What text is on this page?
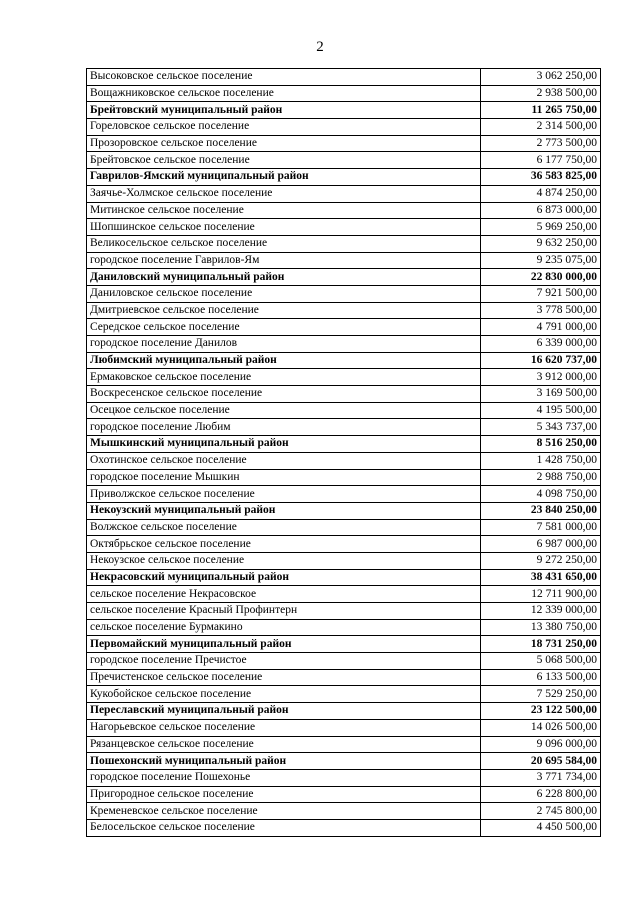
2
Высоковское сельское поселение	3 062 250,00
Вощажниковское сельское поселение	2 938 500,00
Брейтовский муниципальный район	11 265 750,00
Гореловское сельское поселение	2 314 500,00
Прозоровское сельское поселение	2 773 500,00
Брейтовское сельское поселение	6 177 750,00
Гаврилов-Ямский муниципальный район	36 583 825,00
Заячье-Холмское сельское поселение	4 874 250,00
Митинское сельское поселение	6 873 000,00
Шопшинское сельское поселение	5 969 250,00
Великосельское сельское поселение	9 632 250,00
городское поселение Гаврилов-Ям	9 235 075,00
Даниловский муниципальный район	22 830 000,00
Даниловское сельское поселение	7 921 500,00
Дмитриевское сельское поселение	3 778 500,00
Середское сельское поселение	4 791 000,00
городское поселение Данилов	6 339 000,00
Любимский муниципальный район	16 620 737,00
Ермаковское сельское поселение	3 912 000,00
Воскресенское сельское поселение	3 169 500,00
Осецкое сельское поселение	4 195 500,00
городское поселение Любим	5 343 737,00
Мышкинский муниципальный район	8 516 250,00
Охотинское сельское поселение	1 428 750,00
городское поселение Мышкин	2 988 750,00
Приволжское сельское поселение	4 098 750,00
Некоузский муниципальный район	23 840 250,00
Волжское сельское поселение	7 581 000,00
Октябрьское сельское поселение	6 987 000,00
Некоузское сельское поселение	9 272 250,00
Некрасовский муниципальный район	38 431 650,00
сельское поселение Некрасовское	12 711 900,00
сельское поселение Красный Профинтерн	12 339 000,00
сельское поселение Бурмакино	13 380 750,00
Первомайский муниципальный район	18 731 250,00
городское поселение Пречистое	5 068 500,00
Пречистенское сельское поселение	6 133 500,00
Кукобойское сельское поселение	7 529 250,00
Переславский муниципальный район	23 122 500,00
Нагорьевское сельское поселение	14 026 500,00
Рязанцевское сельское поселение	9 096 000,00
Пошехонский муниципальный район	20 695 584,00
городское поселение Пошехонье	3 771 734,00
Пригородное сельское поселение	6 228 800,00
Кременевское сельское поселение	2 745 800,00
Белосельское сельское поселение	4 450 500,00
